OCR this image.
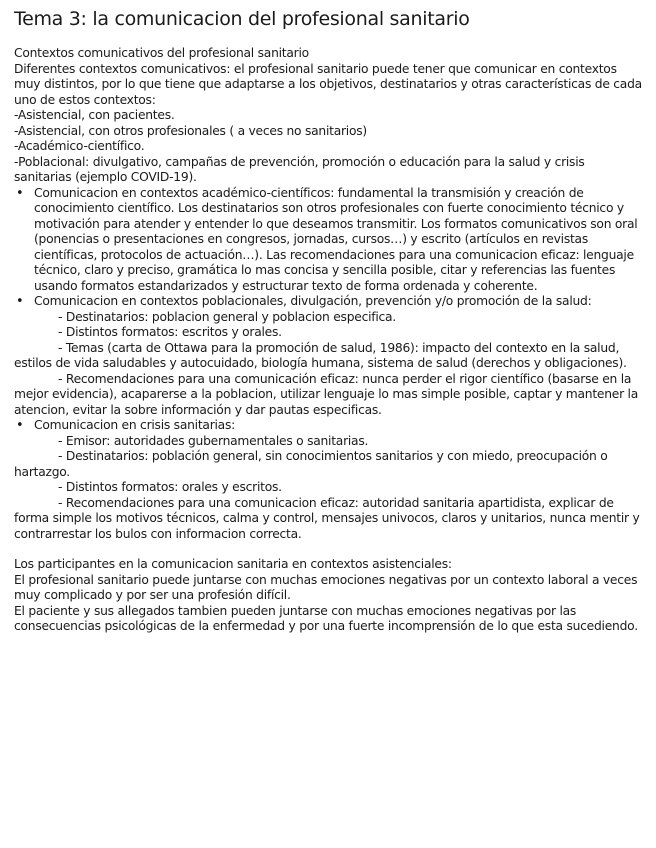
Tema 3: la comunicacion del profesional sanitario

Contextos comunicativos del profesional sanitario

Diferentes contextos comunicativos: el profesional sanitario puede tener que comunicar en contextos muy distintos, por lo que tiene que adaptarse a los objetivos, destinatarios y otras características de cada uno de estos contextos:

-Asistencial, con pacientes.

-Asistencial, con otros profesionales ( a veces no sanitarios)

-Académico-científico.

-Poblacional: divulgativo, campañas de prevención, promoción o educación para la salud y crisis sanitarias (ejemplo COVID-19).

• Comunicacion en contextos académico-científicos: fundamental la transmisión y creación de conocimiento científico. Los destinatarios son otros profesionales con fuerte conocimiento técnico y motivación para atender y entender lo que deseamos transmitir. Los formatos comunicativos son oral (ponencias o presentaciones en congresos, jornadas, cursos…) y escrito (artículos en revistas científicas, protocolos de actuación…). Las recomendaciones para una comunicacion eficaz: lenguaje técnico, claro y preciso, gramática lo mas concisa y sencilla posible, citar y referencias las fuentes usando formatos estandarizados y estructurar texto de forma ordenada y coherente.
• Comunicacion en contextos poblacionales, divulgación, prevención y/o promoción de la salud:

- Destinatarios: poblacion general y poblacion especifica.

- Distintos formatos: escritos y orales.

- Temas (carta de Ottawa para la promoción de salud, 1986): impacto del contexto en la salud, estilos de vida saludables y autocuidado, biología humana, sistema de salud (derechos y obligaciones).

- Recomendaciones para una comunicación eficaz: nunca perder el rigor científico (basarse en la mejor evidencia), acaparerse a la poblacion, utilizar lenguaje lo mas simple posible, captar y mantener la atencion, evitar la sobre información y dar pautas especificas.

• Comunicacion en crisis sanitarias:

- Emisor: autoridades gubernamentales o sanitarias.

- Destinatarios: población general, sin conocimientos sanitarios y con miedo, preocupación o hartazgo.

- Distintos formatos: orales y escritos.

- Recomendaciones para una comunicacion eficaz: autoridad sanitaria apartidista, explicar de forma simple los motivos técnicos, calma y control, mensajes univocos, claros y unitarios, nunca mentir y contrarrestar los bulos con informacion correcta.

Los participantes en la comunicacion sanitaria en contextos asistenciales:

El profesional sanitario puede juntarse con muchas emociones negativas por un contexto laboral a veces muy complicado y por ser una profesión difícil.

El paciente y sus allegados tambien pueden juntarse con muchas emociones negativas por las consecuencias psicológicas de la enfermedad y por una fuerte incomprensión de lo que esta sucediendo.
